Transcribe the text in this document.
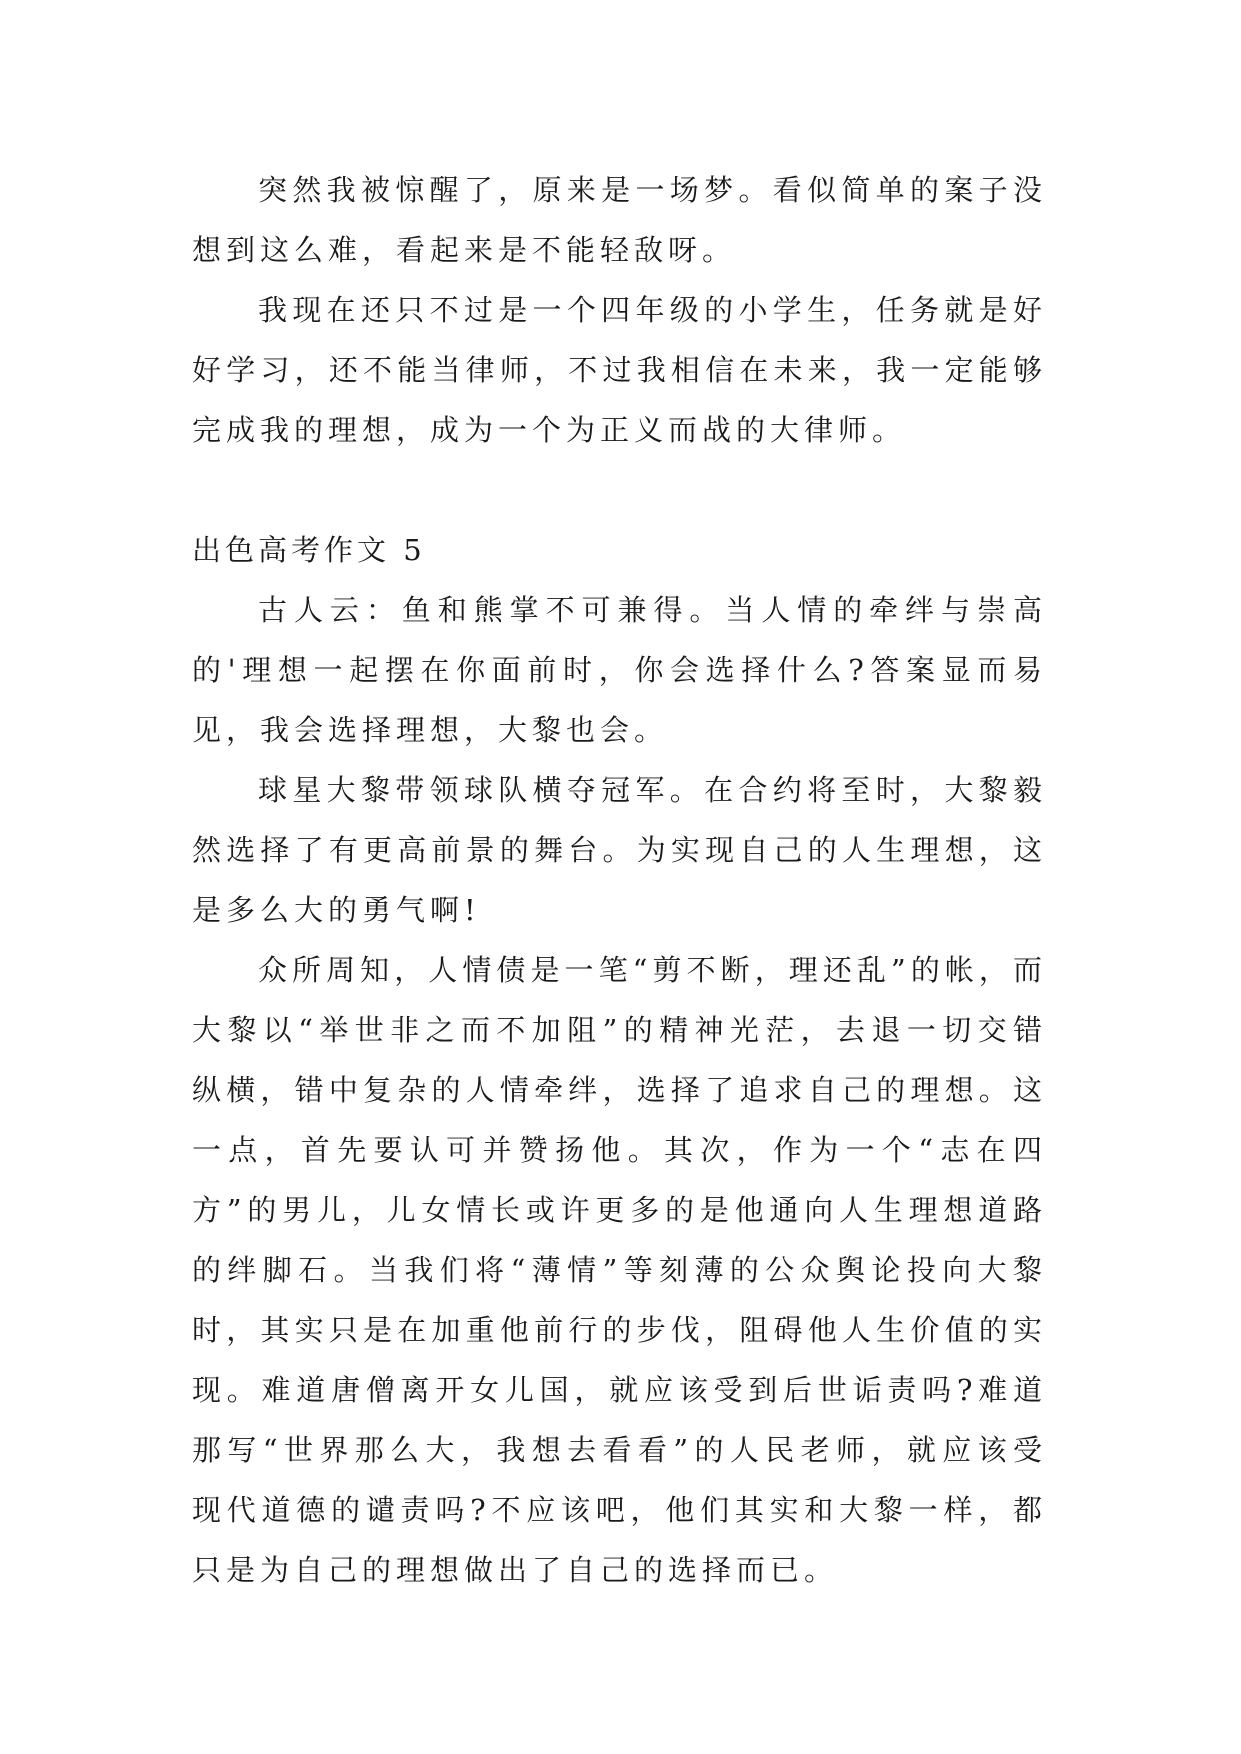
突然我被惊醒了，原来是一场梦。看似简单的案子没想到这么难，看起来是不能轻敌呀。

我现在还只不过是一个四年级的小学生，任务就是好好学习，还不能当律师，不过我相信在未来，我一定能够完成我的理想，成为一个为正义而战的大律师。

出色高考作文 5

古人云：鱼和熊掌不可兼得。当人情的牵绊与崇高的'理想一起摆在你面前时，你会选择什么?答案显而易见，我会选择理想，大黎也会。

球星大黎带领球队横夺冠军。在合约将至时，大黎毅然选择了有更高前景的舞台。为实现自己的人生理想，这是多么大的勇气啊!

众所周知，人情债是一笔“剪不断，理还乱”的帐，而大黎以“举世非之而不加阻”的精神光茫，去退一切交错纵横，错中复杂的人情牵绊，选择了追求自己的理想。这一点，首先要认可并赞扬他。其次，作为一个“志在四方”的男儿，儿女情长或许更多的是他通向人生理想道路的绊脚石。当我们将“薄情”等刻薄的公众舆论投向大黎时，其实只是在加重他前行的步伐，阻碍他人生价值的实现。难道唐僧离开女儿国，就应该受到后世诟责吗?难道那写“世界那么大，我想去看看”的人民老师，就应该受现代道德的谴责吗?不应该吧，他们其实和大黎一样，都只是为自己的理想做出了自己的选择而已。
